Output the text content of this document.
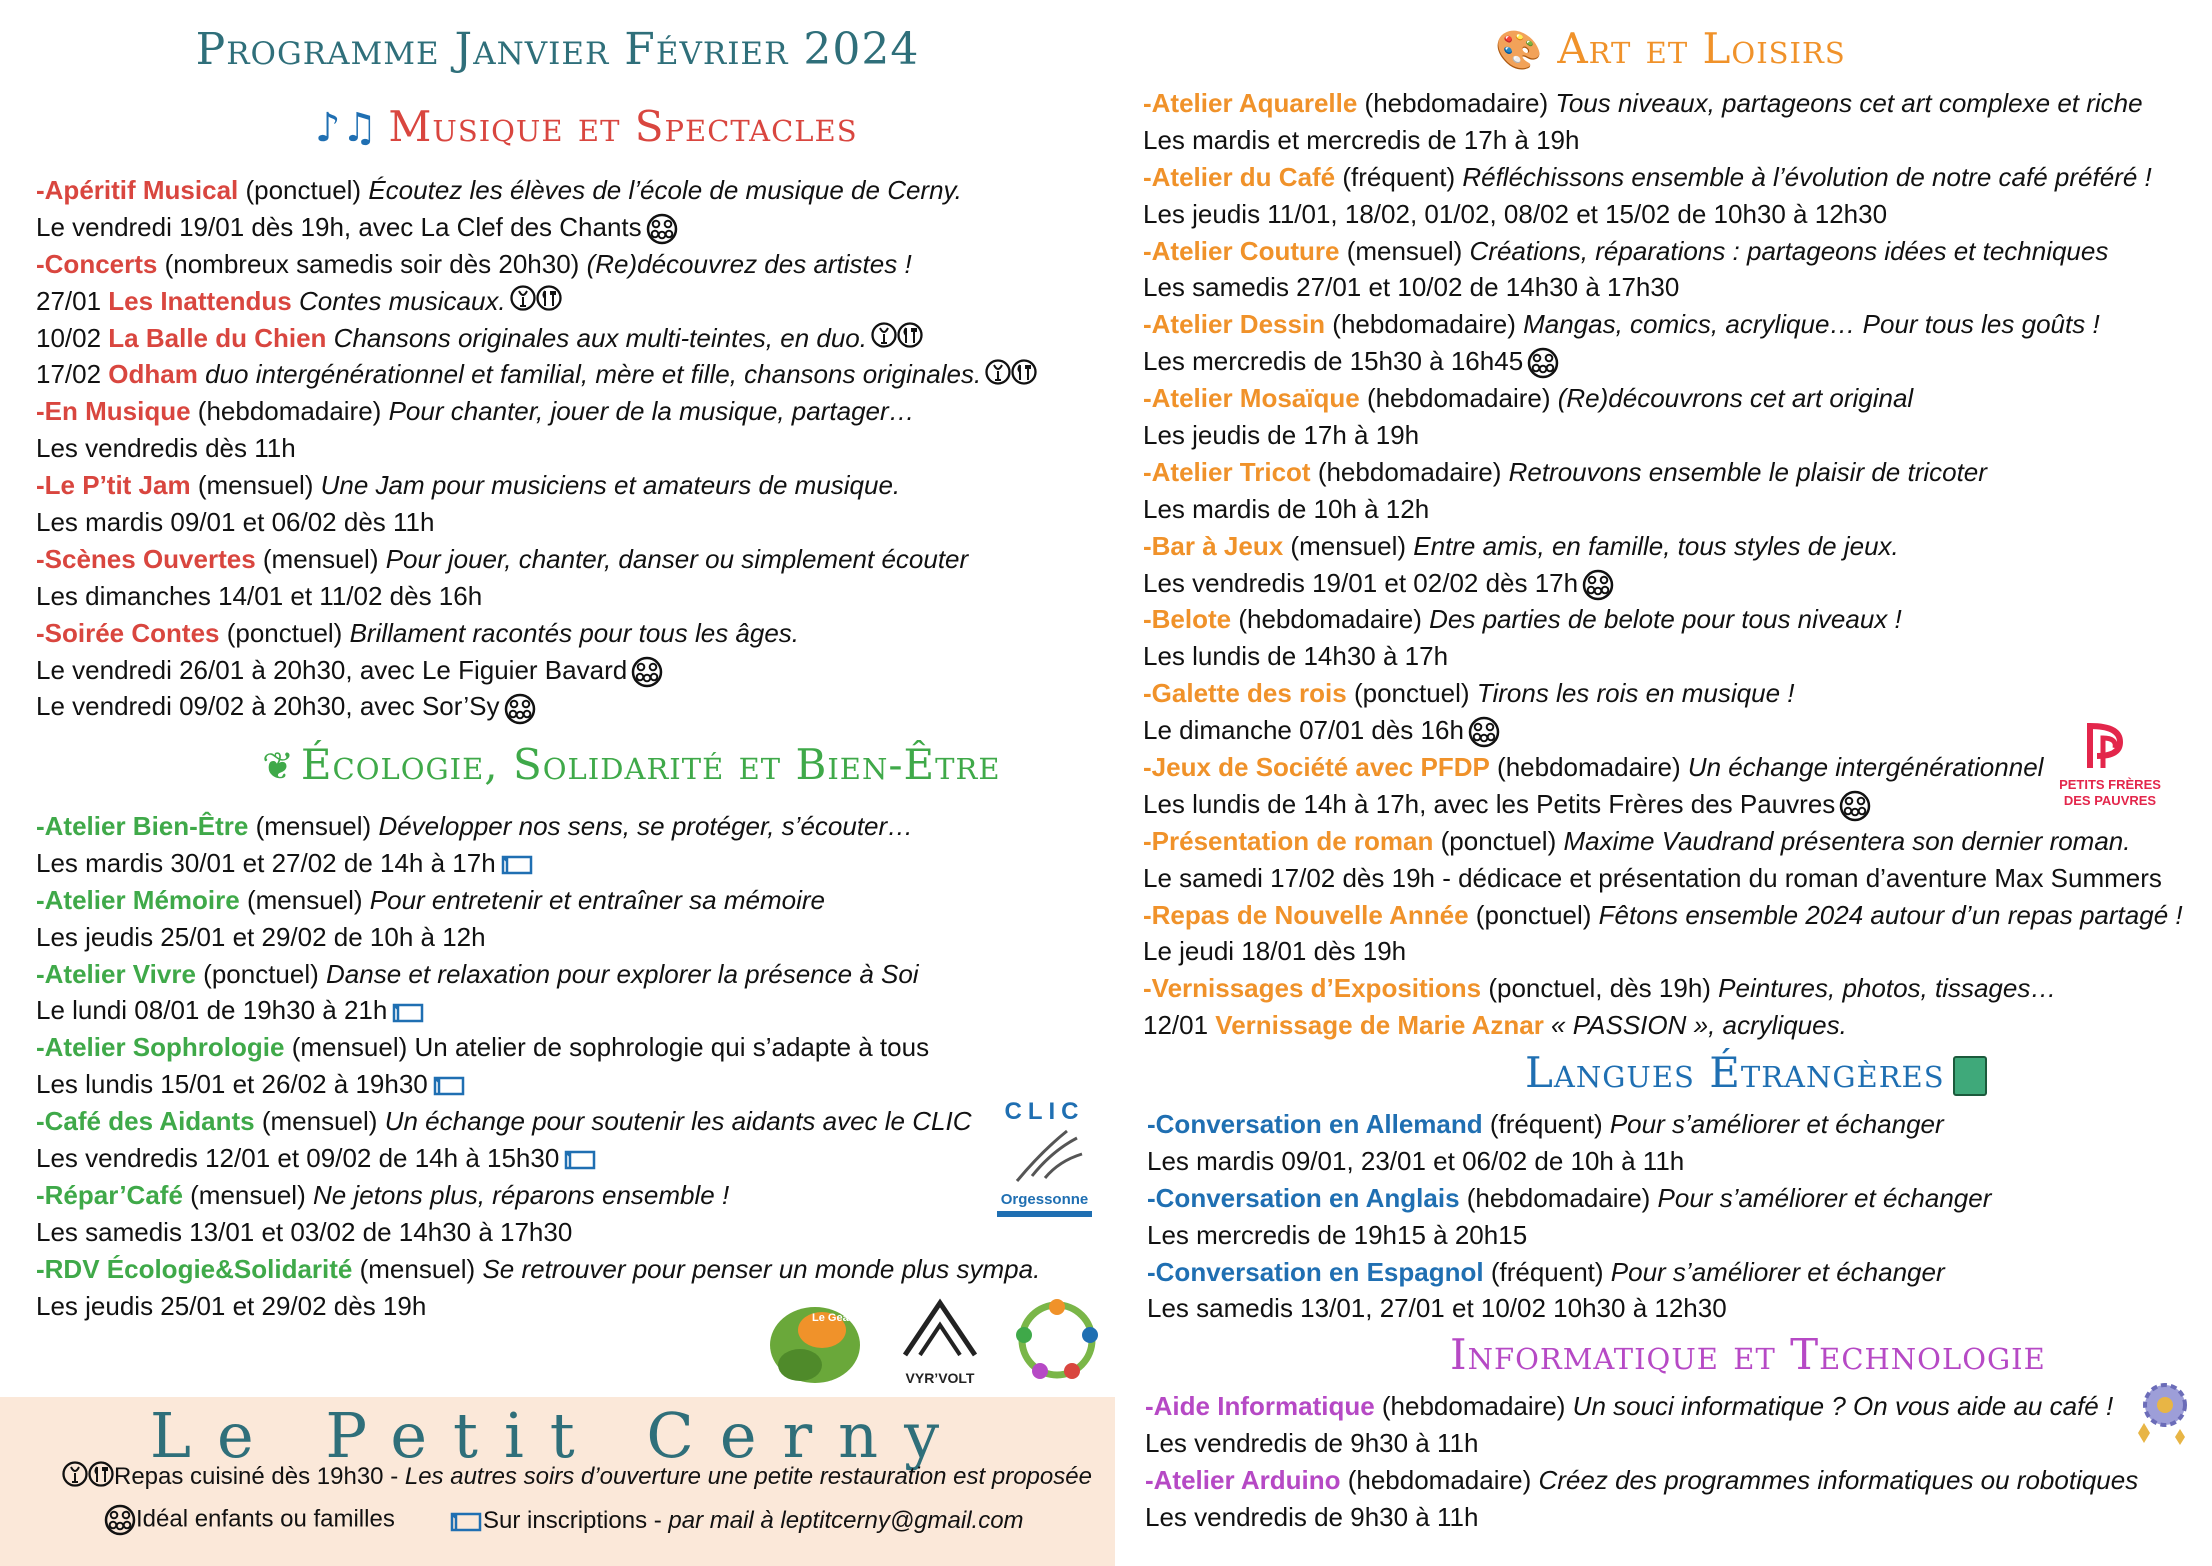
Programme Janvier Février 2024
♪♫ Musique et Spectacles
-Apéritif Musical (ponctuel) Écoutez les élèves de l’école de musique de Cerny.
Le vendredi 19/01 dès 19h, avec La Clef des Chants
-Concerts (nombreux samedis soir dès 20h30) (Re)découvrez des artistes !
27/01 Les Inattendus Contes musicaux.
10/02 La Balle du Chien Chansons originales aux multi-teintes, en duo.
17/02 Odham duo intergénérationnel et familial, mère et fille, chansons originales.
-En Musique (hebdomadaire) Pour chanter, jouer de la musique, partager…
Les vendredis dès 11h
-Le P’tit Jam (mensuel) Une Jam pour musiciens et amateurs de musique.
Les mardis 09/01 et 06/02 dès 11h
-Scènes Ouvertes (mensuel) Pour jouer, chanter, danser ou simplement écouter
Les dimanches 14/01 et 11/02 dès 16h
-Soirée Contes (ponctuel) Brillament racontés pour tous les âges.
Le vendredi 26/01 à 20h30, avec Le Figuier Bavard
Le vendredi 09/02 à 20h30, avec Sor’Sy
❦ Écologie, Solidarité et Bien-Être
-Atelier Bien-Être (mensuel) Développer nos sens, se protéger, s’écouter…
Les mardis 30/01 et 27/02 de 14h à 17h
-Atelier Mémoire (mensuel) Pour entretenir et entraîner sa mémoire
Les jeudis 25/01 et 29/02 de 10h à 12h
-Atelier Vivre (ponctuel) Danse et relaxation pour explorer la présence à Soi
Le lundi 08/01 de 19h30 à 21h
-Atelier Sophrologie (mensuel) Un atelier de sophrologie qui s’adapte à tous
Les lundis 15/01 et 26/02 à 19h30
-Café des Aidants (mensuel) Un échange pour soutenir les aidants avec le CLIC
Les vendredis 12/01 et 09/02 de 14h à 15h30
-Répar’Café (mensuel) Ne jetons plus, réparons ensemble !
Les samedis 13/01 et 03/02 de 14h30 à 17h30
-RDV Écologie&Solidarité (mensuel) Se retrouver pour penser un monde plus sympa.
Les jeudis 25/01 et 29/02 dès 19h
CLIC
Orgessonne
Le Geai
VYR’VOLT
Le Petit Cerny
Repas cuisiné dès 19h30 - Les autres soirs d’ouverture une petite restauration est proposée
Idéal enfants ou familles	Sur inscriptions - par mail à leptitcerny@gmail.com
🎨 Art et Loisirs
-Atelier Aquarelle (hebdomadaire) Tous niveaux, partageons cet art complexe et riche
Les mardis et mercredis de 17h à 19h
-Atelier du Café (fréquent) Réfléchissons ensemble à l’évolution de notre café préféré !
Les jeudis 11/01, 18/02, 01/02, 08/02 et 15/02 de 10h30 à 12h30
-Atelier Couture (mensuel) Créations, réparations : partageons idées et techniques
Les samedis 27/01 et 10/02 de 14h30 à 17h30
-Atelier Dessin (hebdomadaire) Mangas, comics, acrylique… Pour tous les goûts !
Les mercredis de 15h30 à 16h45
-Atelier Mosaïque (hebdomadaire) (Re)découvrons cet art original
Les jeudis de 17h à 19h
-Atelier Tricot (hebdomadaire) Retrouvons ensemble le plaisir de tricoter
Les mardis de 10h à 12h
-Bar à Jeux (mensuel) Entre amis, en famille, tous styles de jeux.
Les vendredis 19/01 et 02/02 dès 17h
-Belote (hebdomadaire) Des parties de belote pour tous niveaux !
Les lundis de 14h30 à 17h
-Galette des rois (ponctuel) Tirons les rois en musique !
Le dimanche 07/01 dès 16h
-Jeux de Société avec PFDP (hebdomadaire) Un échange intergénérationnel
Les lundis de 14h à 17h, avec les Petits Frères des Pauvres
-Présentation de roman (ponctuel) Maxime Vaudrand présentera son dernier roman.
Le samedi 17/02 dès 19h - dédicace et présentation du roman d’aventure Max Summers
-Repas de Nouvelle Année (ponctuel) Fêtons ensemble 2024 autour d’un repas partagé !
Le jeudi 18/01 dès 19h
-Vernissages d’Expositions (ponctuel, dès 19h) Peintures, photos, tissages…
12/01 Vernissage de Marie Aznar « PASSION », acryliques.
PETITS FRÈRES DES PAUVRES
Langues Étrangères
-Conversation en Allemand (fréquent) Pour s’améliorer et échanger
Les mardis 09/01, 23/01 et 06/02 de 10h à 11h
-Conversation en Anglais (hebdomadaire) Pour s’améliorer et échanger
Les mercredis de 19h15 à 20h15
-Conversation en Espagnol (fréquent) Pour s’améliorer et échanger
Les samedis 13/01, 27/01 et 10/02 10h30 à 12h30
Informatique et Technologie
-Aide Informatique (hebdomadaire) Un souci informatique ? On vous aide au café !
Les vendredis de 9h30 à 11h
-Atelier Arduino (hebdomadaire) Créez des programmes informatiques ou robotiques
Les vendredis de 9h30 à 11h
